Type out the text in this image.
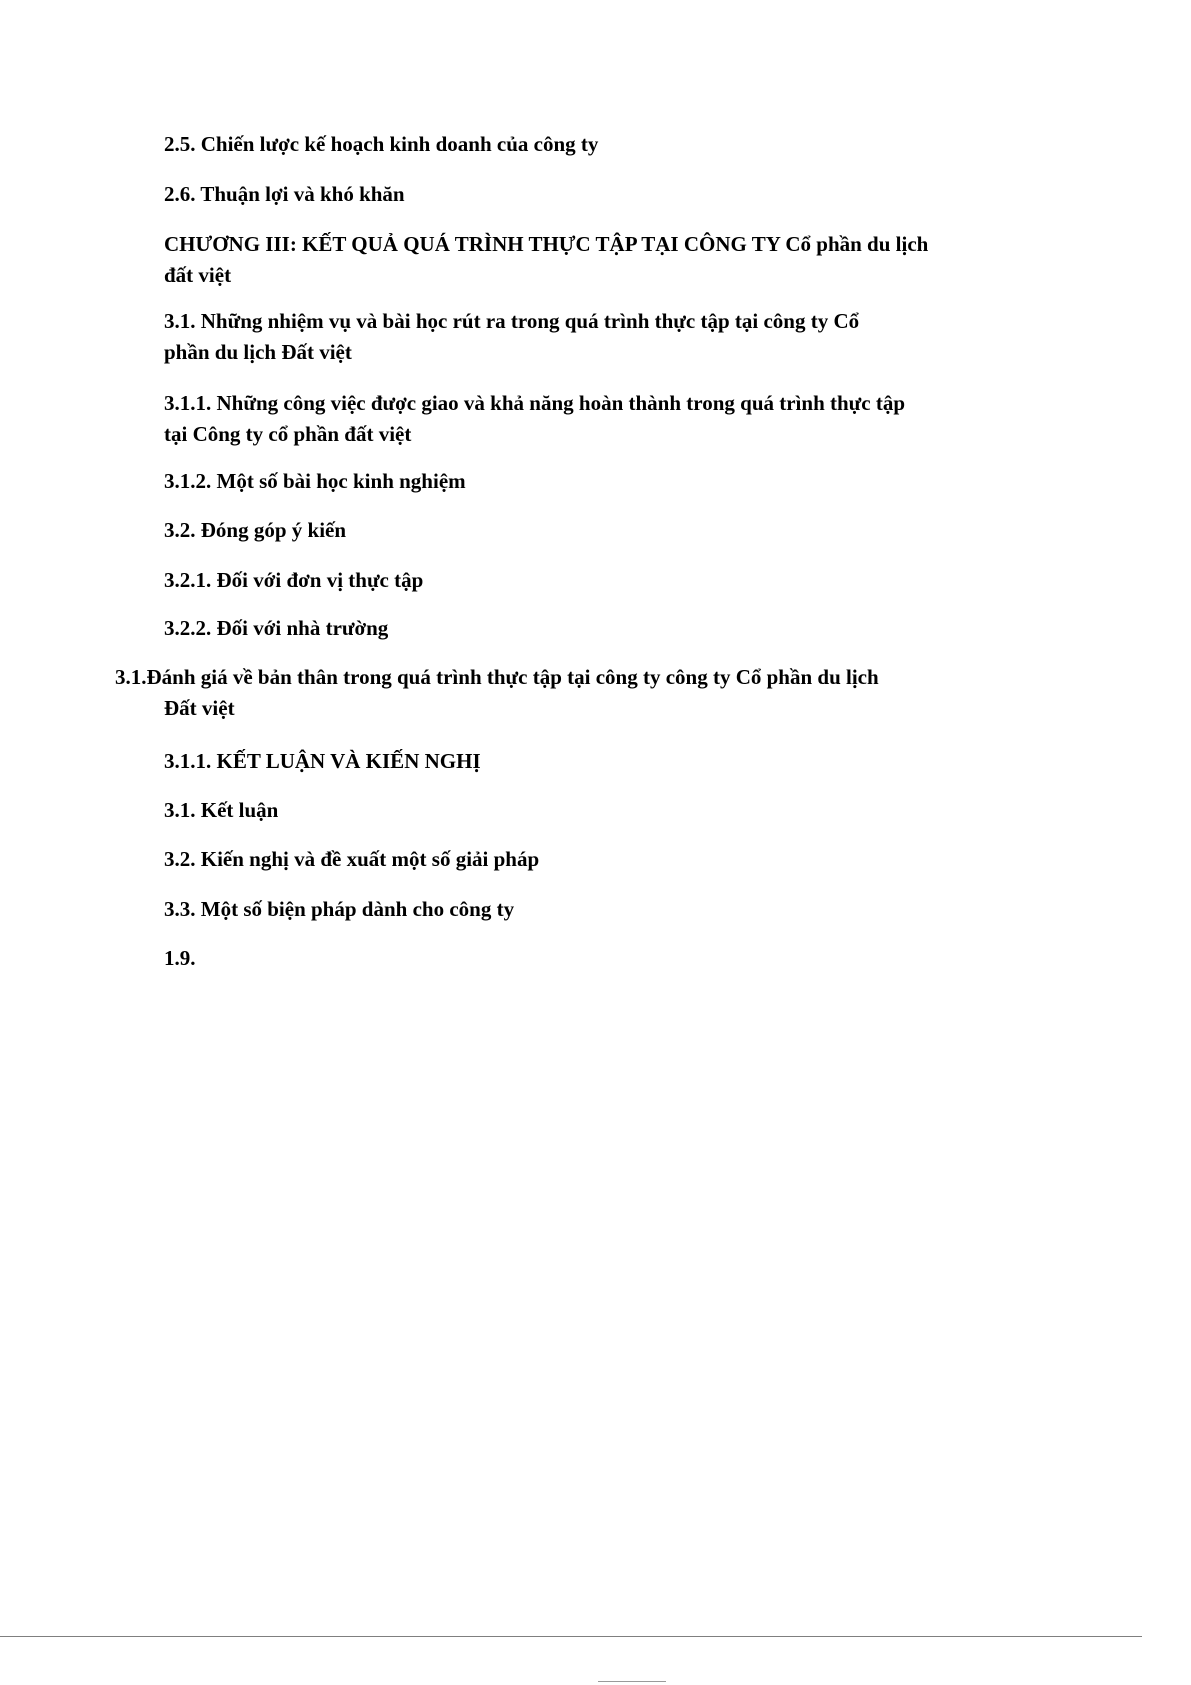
2.5. Chiến lược kế hoạch kinh doanh của công ty
2.6. Thuận lợi và khó khăn
CHƯƠNG III: KẾT QUẢ QUÁ TRÌNH THỰC TẬP TẠI CÔNG TY Cổ phần du lịch
đất việt
3.1. Những nhiệm vụ và bài học rút ra trong quá trình thực tập tại công ty Cổ
phần du lịch Đất việt
3.1.1. Những công việc được giao và khả năng hoàn thành trong quá trình thực tập
tại Công ty cổ phần đất việt
3.1.2. Một số bài học kinh nghiệm
3.2. Đóng góp ý kiến
3.2.1. Đối với đơn vị thực tập
3.2.2. Đối với nhà trường
3.1.Đánh giá về bản thân trong quá trình thực tập tại công ty công ty Cổ phần du lịch
Đất việt
3.1.1. KẾT LUẬN VÀ KIẾN NGHỊ
3.1. Kết luận
3.2. Kiến nghị và đề xuất một số giải pháp
3.3. Một số biện pháp dành cho công ty
1.9.
